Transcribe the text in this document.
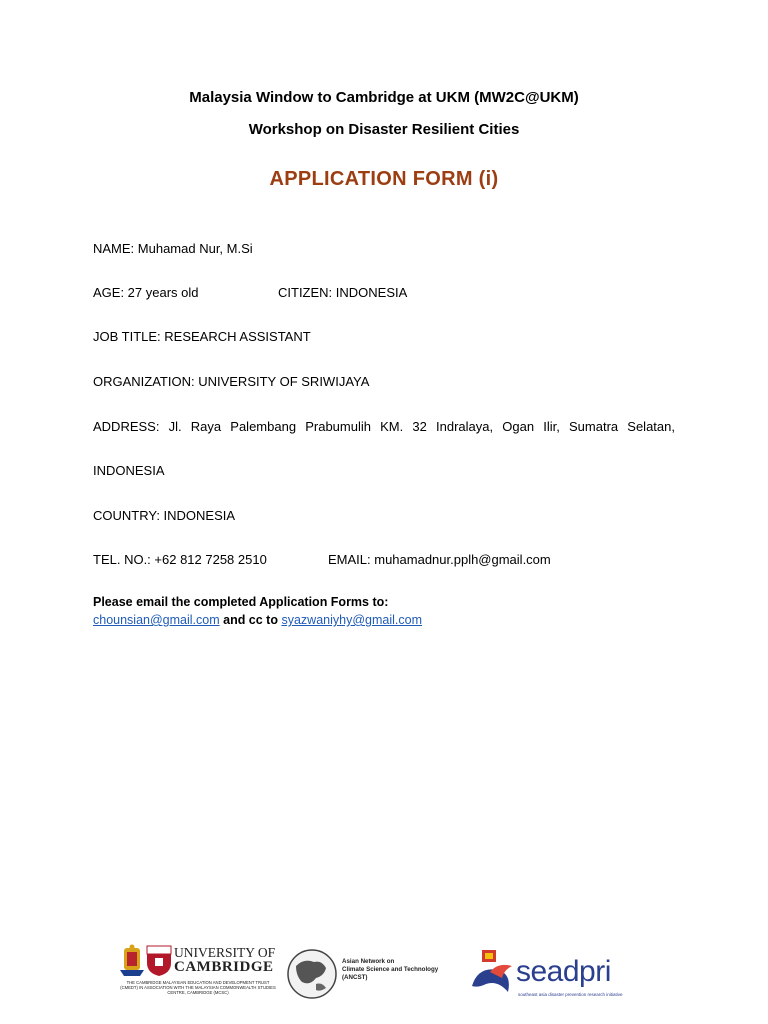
Malaysia Window to Cambridge at UKM (MW2C@UKM)
Workshop on Disaster Resilient Cities
APPLICATION FORM (i)
NAME: Muhamad Nur, M.Si
AGE: 27 years old	CITIZEN: INDONESIA
JOB TITLE: RESEARCH ASSISTANT
ORGANIZATION: UNIVERSITY OF SRIWIJAYA
ADDRESS: Jl. Raya Palembang Prabumulih KM. 32 Indralaya, Ogan Ilir, Sumatra Selatan,
INDONESIA
COUNTRY: INDONESIA
TEL. NO.: +62 812 7258 2510	EMAIL: muhamadnur.pplh@gmail.com
Please email the completed Application Forms to:
chounsian@gmail.com and cc to syazwaniyhy@gmail.com
UNIVERSITY OF
CAMBRIDGE
THE CAMBRIDGE MALAYSIAN EDUCATION AND DEVELOPMENT TRUST (CMEDT) IN ASSOCIATION WITH THE MALAYSIAN COMMONWEALTH STUDIES CENTRE, CAMBRIDGE (MCSC)
Asian Network on
Climate Science and Technology
(ANCST)	seadpri
southeast asia disaster prevention research initiative
